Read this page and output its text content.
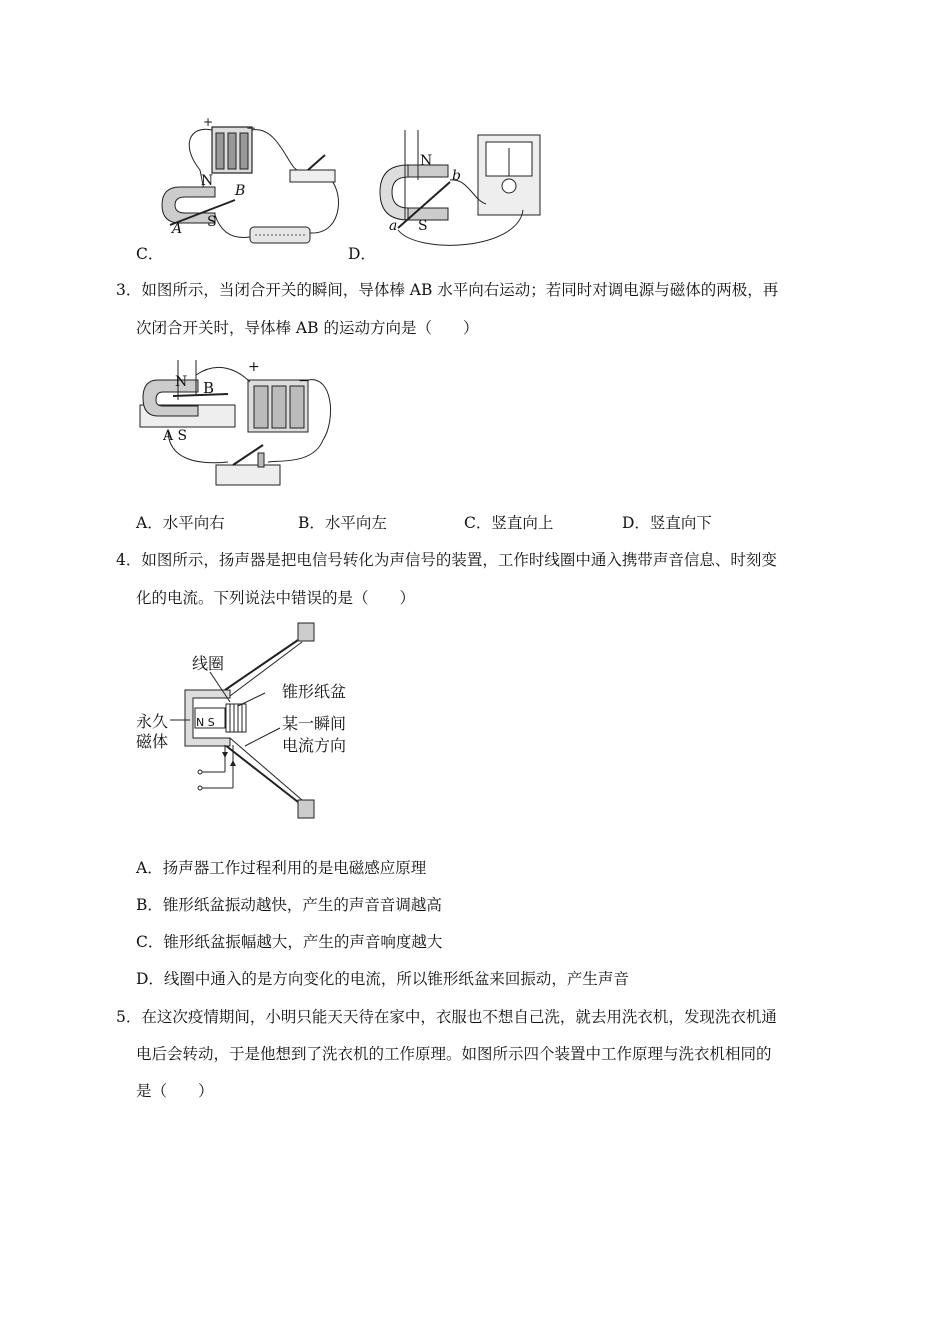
+	−
N
B
A S
C．
N
b
a S
D．
3．如图所示，当闭合开关的瞬间，导体棒 AB 水平向右运动；若同时对调电源与磁体的两极，再
次闭合开关时，导体棒 AB 的运动方向是（　　）
N B
A S
+
−
A．水平向右	B．水平向左	C．竖直向上	D．竖直向下
4．如图所示，扬声器是把电信号转化为声信号的装置，工作时线圈中通入携带声音信息、时刻变
化的电流。下列说法中错误的是（　　）
线圈
锥形纸盆
永久
磁体
N S	某一瞬间
电流方向
A．扬声器工作过程利用的是电磁感应原理
B．锥形纸盆振动越快，产生的声音音调越高
C．锥形纸盆振幅越大，产生的声音响度越大
D．线圈中通入的是方向变化的电流，所以锥形纸盆来回振动，产生声音
5．在这次疫情期间，小明只能天天待在家中，衣服也不想自己洗，就去用洗衣机，发现洗衣机通
电后会转动，于是他想到了洗衣机的工作原理。如图所示四个装置中工作原理与洗衣机相同的
是（　　）
